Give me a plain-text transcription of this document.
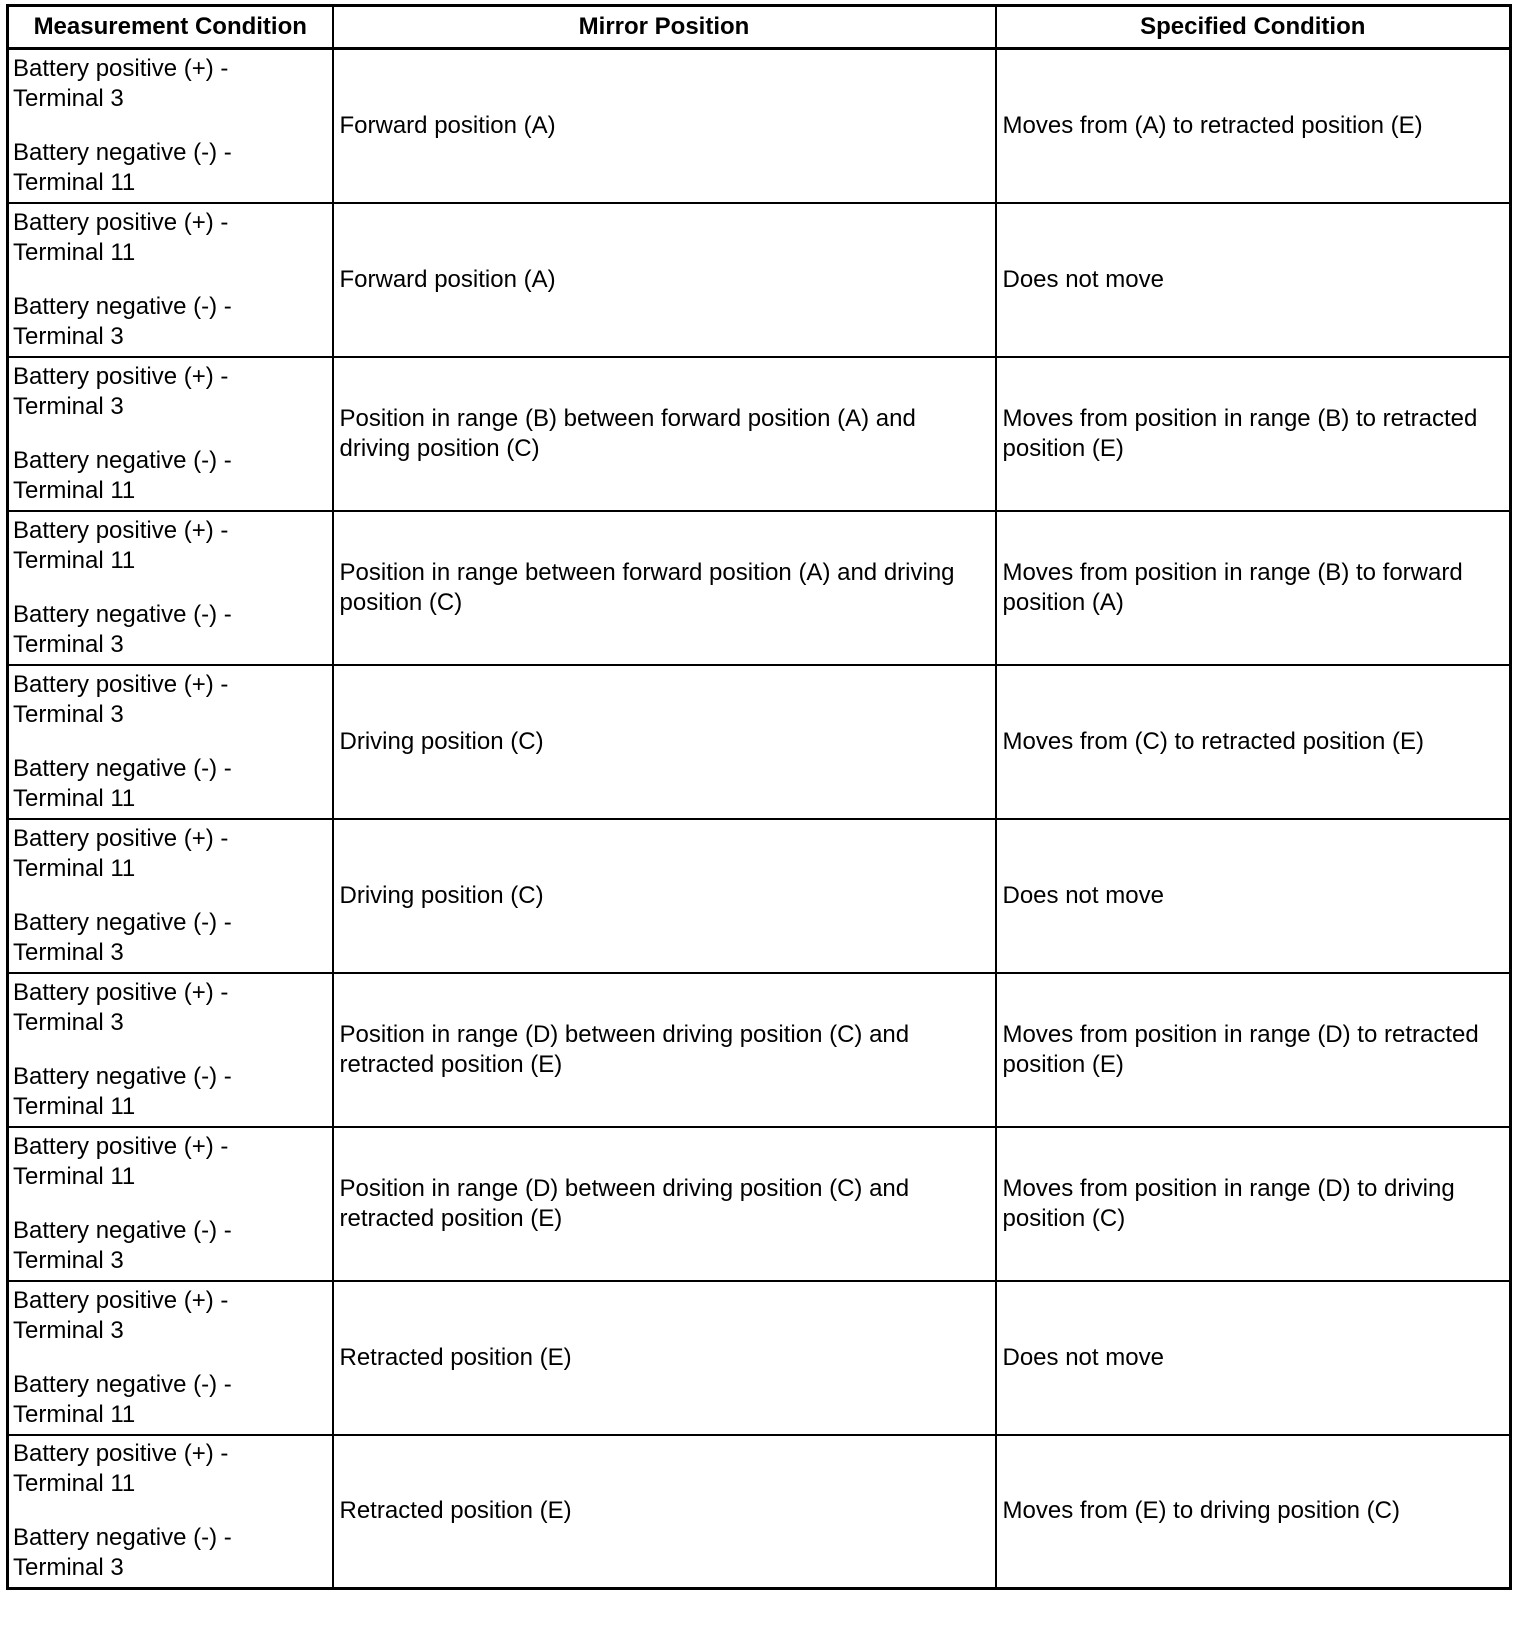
Measurement Condition	Mirror Position	Specified Condition

Battery positive (+) -
Terminal 3
Battery negative (-) -
Terminal 11	Forward position (A)	Moves from (A) to retracted position (E)

Battery positive (+) -
Terminal 11
Battery negative (-) -
Terminal 3	Forward position (A)	Does not move

Battery positive (+) -
Terminal 3
Battery negative (-) -
Terminal 11	Position in range (B) between forward position (A) and
driving position (C)	Moves from position in range (B) to retracted
position (E)

Battery positive (+) -
Terminal 11
Battery negative (-) -
Terminal 3	Position in range between forward position (A) and driving
position (C)	Moves from position in range (B) to forward
position (A)

Battery positive (+) -
Terminal 3
Battery negative (-) -
Terminal 11	Driving position (C)	Moves from (C) to retracted position (E)

Battery positive (+) -
Terminal 11
Battery negative (-) -
Terminal 3	Driving position (C)	Does not move

Battery positive (+) -
Terminal 3
Battery negative (-) -
Terminal 11	Position in range (D) between driving position (C) and
retracted position (E)	Moves from position in range (D) to retracted
position (E)

Battery positive (+) -
Terminal 11
Battery negative (-) -
Terminal 3	Position in range (D) between driving position (C) and
retracted position (E)	Moves from position in range (D) to driving
position (C)

Battery positive (+) -
Terminal 3
Battery negative (-) -
Terminal 11	Retracted position (E)	Does not move

Battery positive (+) -
Terminal 11
Battery negative (-) -
Terminal 3	Retracted position (E)	Moves from (E) to driving position (C)
